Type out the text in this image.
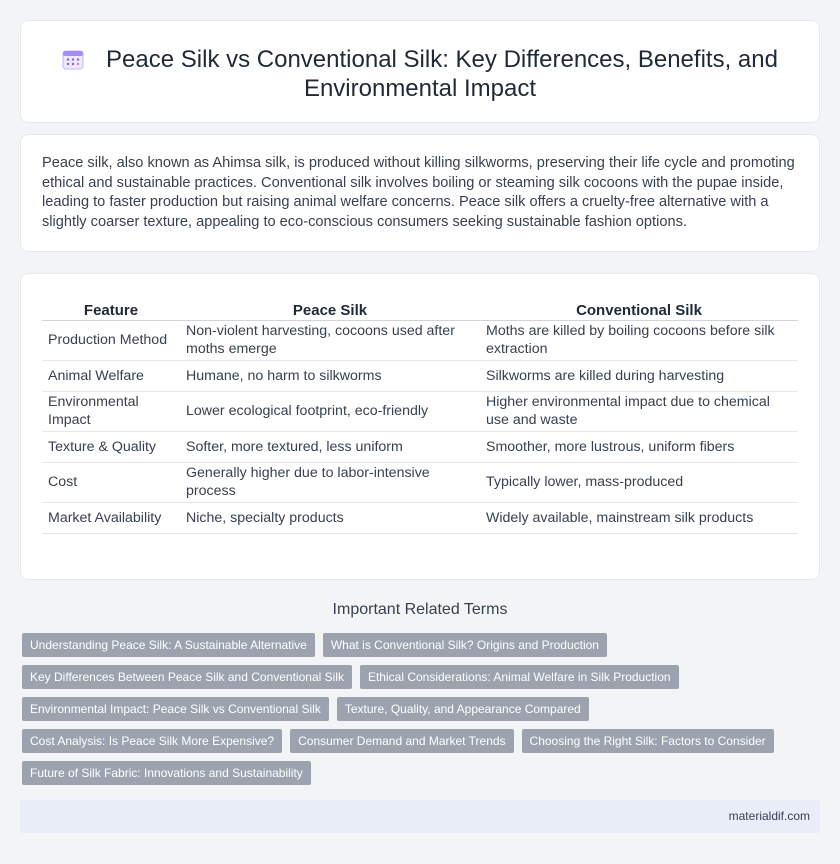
Peace Silk vs Conventional Silk: Key Differences, Benefits, and Environmental Impact

Peace silk, also known as Ahimsa silk, is produced without killing silkworms, preserving their life cycle and promoting ethical and sustainable practices. Conventional silk involves boiling or steaming silk cocoons with the pupae inside, leading to faster production but raising animal welfare concerns. Peace silk offers a cruelty-free alternative with a slightly coarser texture, appealing to eco-conscious consumers seeking sustainable fashion options.

Feature	Peace Silk	Conventional Silk
Production Method	Non-violent harvesting, cocoons used after moths emerge	Moths are killed by boiling cocoons before silk extraction
Animal Welfare	Humane, no harm to silkworms	Silkworms are killed during harvesting
Environmental Impact	Lower ecological footprint, eco-friendly	Higher environmental impact due to chemical use and waste
Texture & Quality	Softer, more textured, less uniform	Smoother, more lustrous, uniform fibers
Cost	Generally higher due to labor-intensive process	Typically lower, mass-produced
Market Availability	Niche, specialty products	Widely available, mainstream silk products
Important Related Terms
Understanding Peace Silk: A Sustainable Alternative	What is Conventional Silk? Origins and Production
Key Differences Between Peace Silk and Conventional Silk	Ethical Considerations: Animal Welfare in Silk Production
Environmental Impact: Peace Silk vs Conventional Silk	Texture, Quality, and Appearance Compared
Cost Analysis: Is Peace Silk More Expensive?	Consumer Demand and Market Trends	Choosing the Right Silk: Factors to Consider
Future of Silk Fabric: Innovations and Sustainability
materialdif.com
